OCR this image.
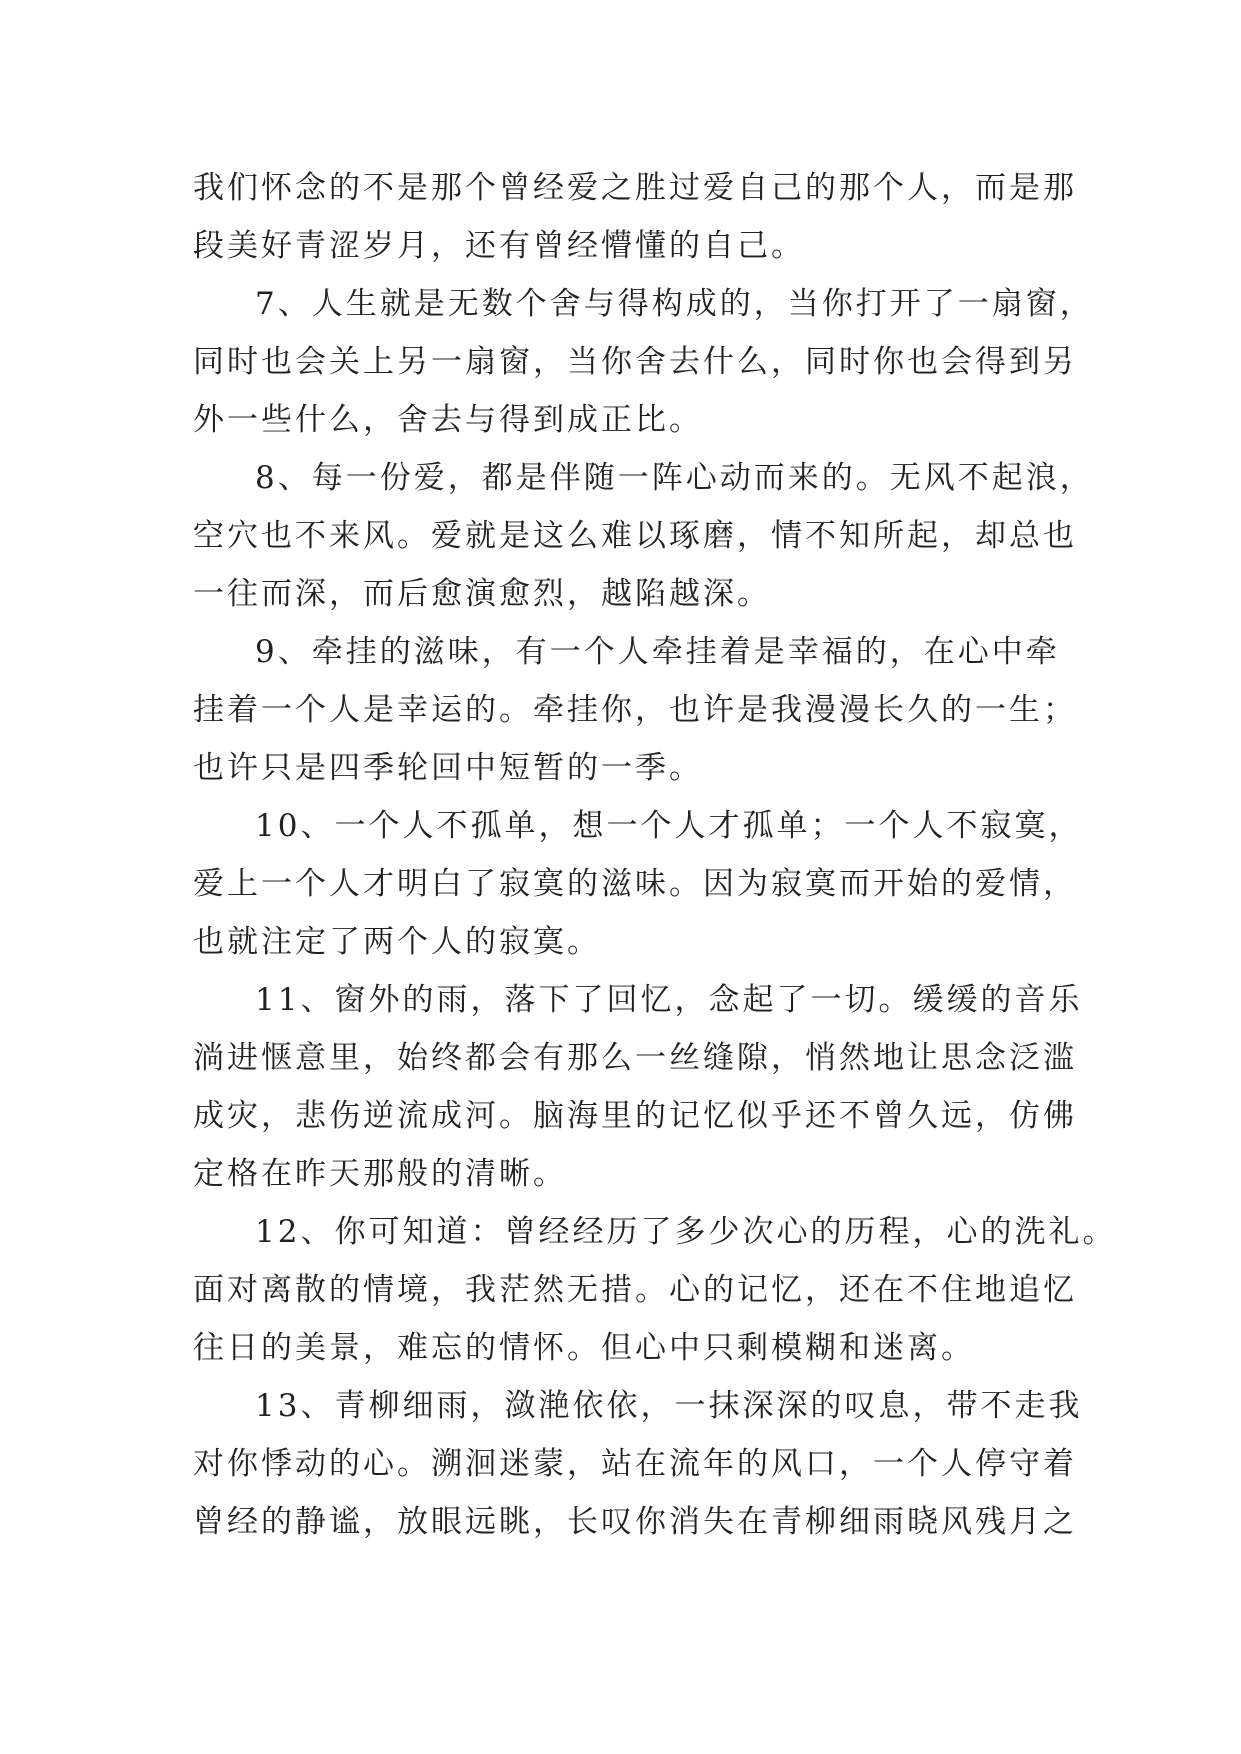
我们怀念的不是那个曾经爱之胜过爱自己的那个人，而是那
段美好青涩岁月，还有曾经懵懂的自己。
7、人生就是无数个舍与得构成的，当你打开了一扇窗，
同时也会关上另一扇窗，当你舍去什么，同时你也会得到另
外一些什么，舍去与得到成正比。
8、每一份爱，都是伴随一阵心动而来的。无风不起浪，
空穴也不来风。爱就是这么难以琢磨，情不知所起，却总也
一往而深，而后愈演愈烈，越陷越深。
9、牵挂的滋味，有一个人牵挂着是幸福的，在心中牵
挂着一个人是幸运的。牵挂你，也许是我漫漫长久的一生；
也许只是四季轮回中短暂的一季。
10、一个人不孤单，想一个人才孤单；一个人不寂寞，
爱上一个人才明白了寂寞的滋味。因为寂寞而开始的爱情，
也就注定了两个人的寂寞。
11、窗外的雨，落下了回忆，念起了一切。缓缓的音乐
淌进惬意里，始终都会有那么一丝缝隙，悄然地让思念泛滥
成灾，悲伤逆流成河。脑海里的记忆似乎还不曾久远，仿佛
定格在昨天那般的清晰。
12、你可知道：曾经经历了多少次心的历程，心的洗礼。
面对离散的情境，我茫然无措。心的记忆，还在不住地追忆
往日的美景，难忘的情怀。但心中只剩模糊和迷离。
13、青柳细雨，潋滟依依，一抹深深的叹息，带不走我
对你悸动的心。溯洄迷蒙，站在流年的风口，一个人停守着
曾经的静谧，放眼远眺，长叹你消失在青柳细雨晓风残月之
